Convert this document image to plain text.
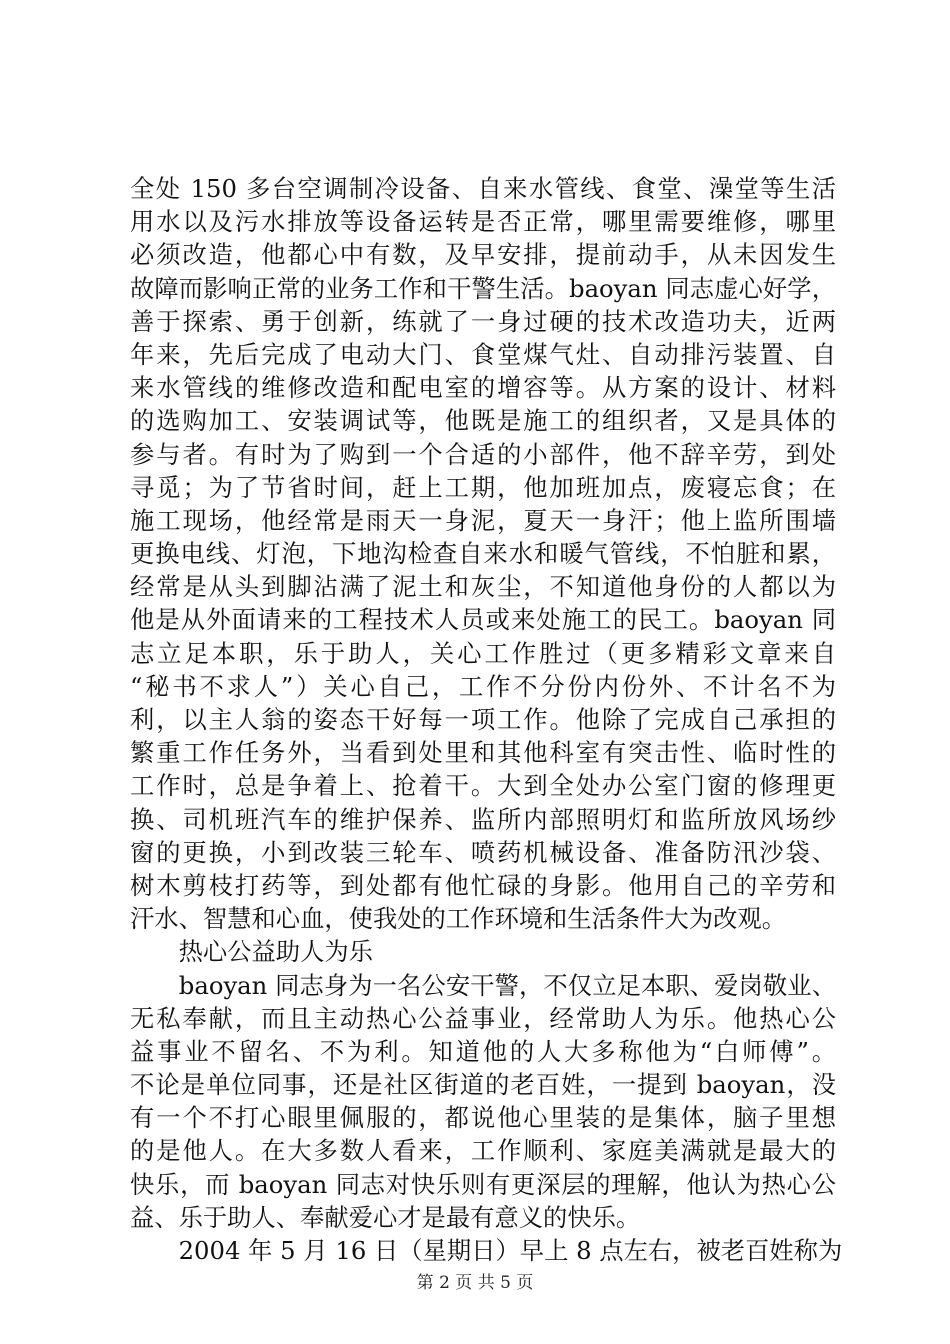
全处 150 多台空调制冷设备、自来水管线、食堂、澡堂等生活
用水以及污水排放等设备运转是否正常，哪里需要维修，哪里
必须改造，他都心中有数，及早安排，提前动手，从未因发生
故障而影响正常的业务工作和干警生活。baoyan 同志虚心好学，
善于探索、勇于创新，练就了一身过硬的技术改造功夫，近两
年来，先后完成了电动大门、食堂煤气灶、自动排污装置、自
来水管线的维修改造和配电室的增容等。从方案的设计、材料
的选购加工、安装调试等，他既是施工的组织者，又是具体的
参与者。有时为了购到一个合适的小部件，他不辞辛劳，到处
寻觅；为了节省时间，赶上工期，他加班加点，废寝忘食；在
施工现场，他经常是雨天一身泥，夏天一身汗；他上监所围墙
更换电线、灯泡，下地沟检查自来水和暖气管线，不怕脏和累，
经常是从头到脚沾满了泥土和灰尘，不知道他身份的人都以为
他是从外面请来的工程技术人员或来处施工的民工。baoyan 同
志立足本职，乐于助人，关心工作胜过（更多精彩文章来自
“秘书不求人”）关心自己，工作不分份内份外、不计名不为
利，以主人翁的姿态干好每一项工作。他除了完成自己承担的
繁重工作任务外，当看到处里和其他科室有突击性、临时性的
工作时，总是争着上、抢着干。大到全处办公室门窗的修理更
换、司机班汽车的维护保养、监所内部照明灯和监所放风场纱
窗的更换，小到改装三轮车、喷药机械设备、准备防汛沙袋、
树木剪枝打药等，到处都有他忙碌的身影。他用自己的辛劳和
汗水、智慧和心血，使我处的工作环境和生活条件大为改观。
　　热心公益助人为乐
　　baoyan 同志身为一名公安干警，不仅立足本职、爱岗敬业、
无私奉献，而且主动热心公益事业，经常助人为乐。他热心公
益事业不留名、不为利。知道他的人大多称他为“白师傅”。
不论是单位同事，还是社区街道的老百姓，一提到 baoyan，没
有一个不打心眼里佩服的，都说他心里装的是集体，脑子里想
的是他人。在大多数人看来，工作顺利、家庭美满就是最大的
快乐，而 baoyan 同志对快乐则有更深层的理解，他认为热心公
益、乐于助人、奉献爱心才是最有意义的快乐。
　　2004 年 5 月 16 日（星期日）早上 8 点左右，被老百姓称为
第 2 页 共 5 页
